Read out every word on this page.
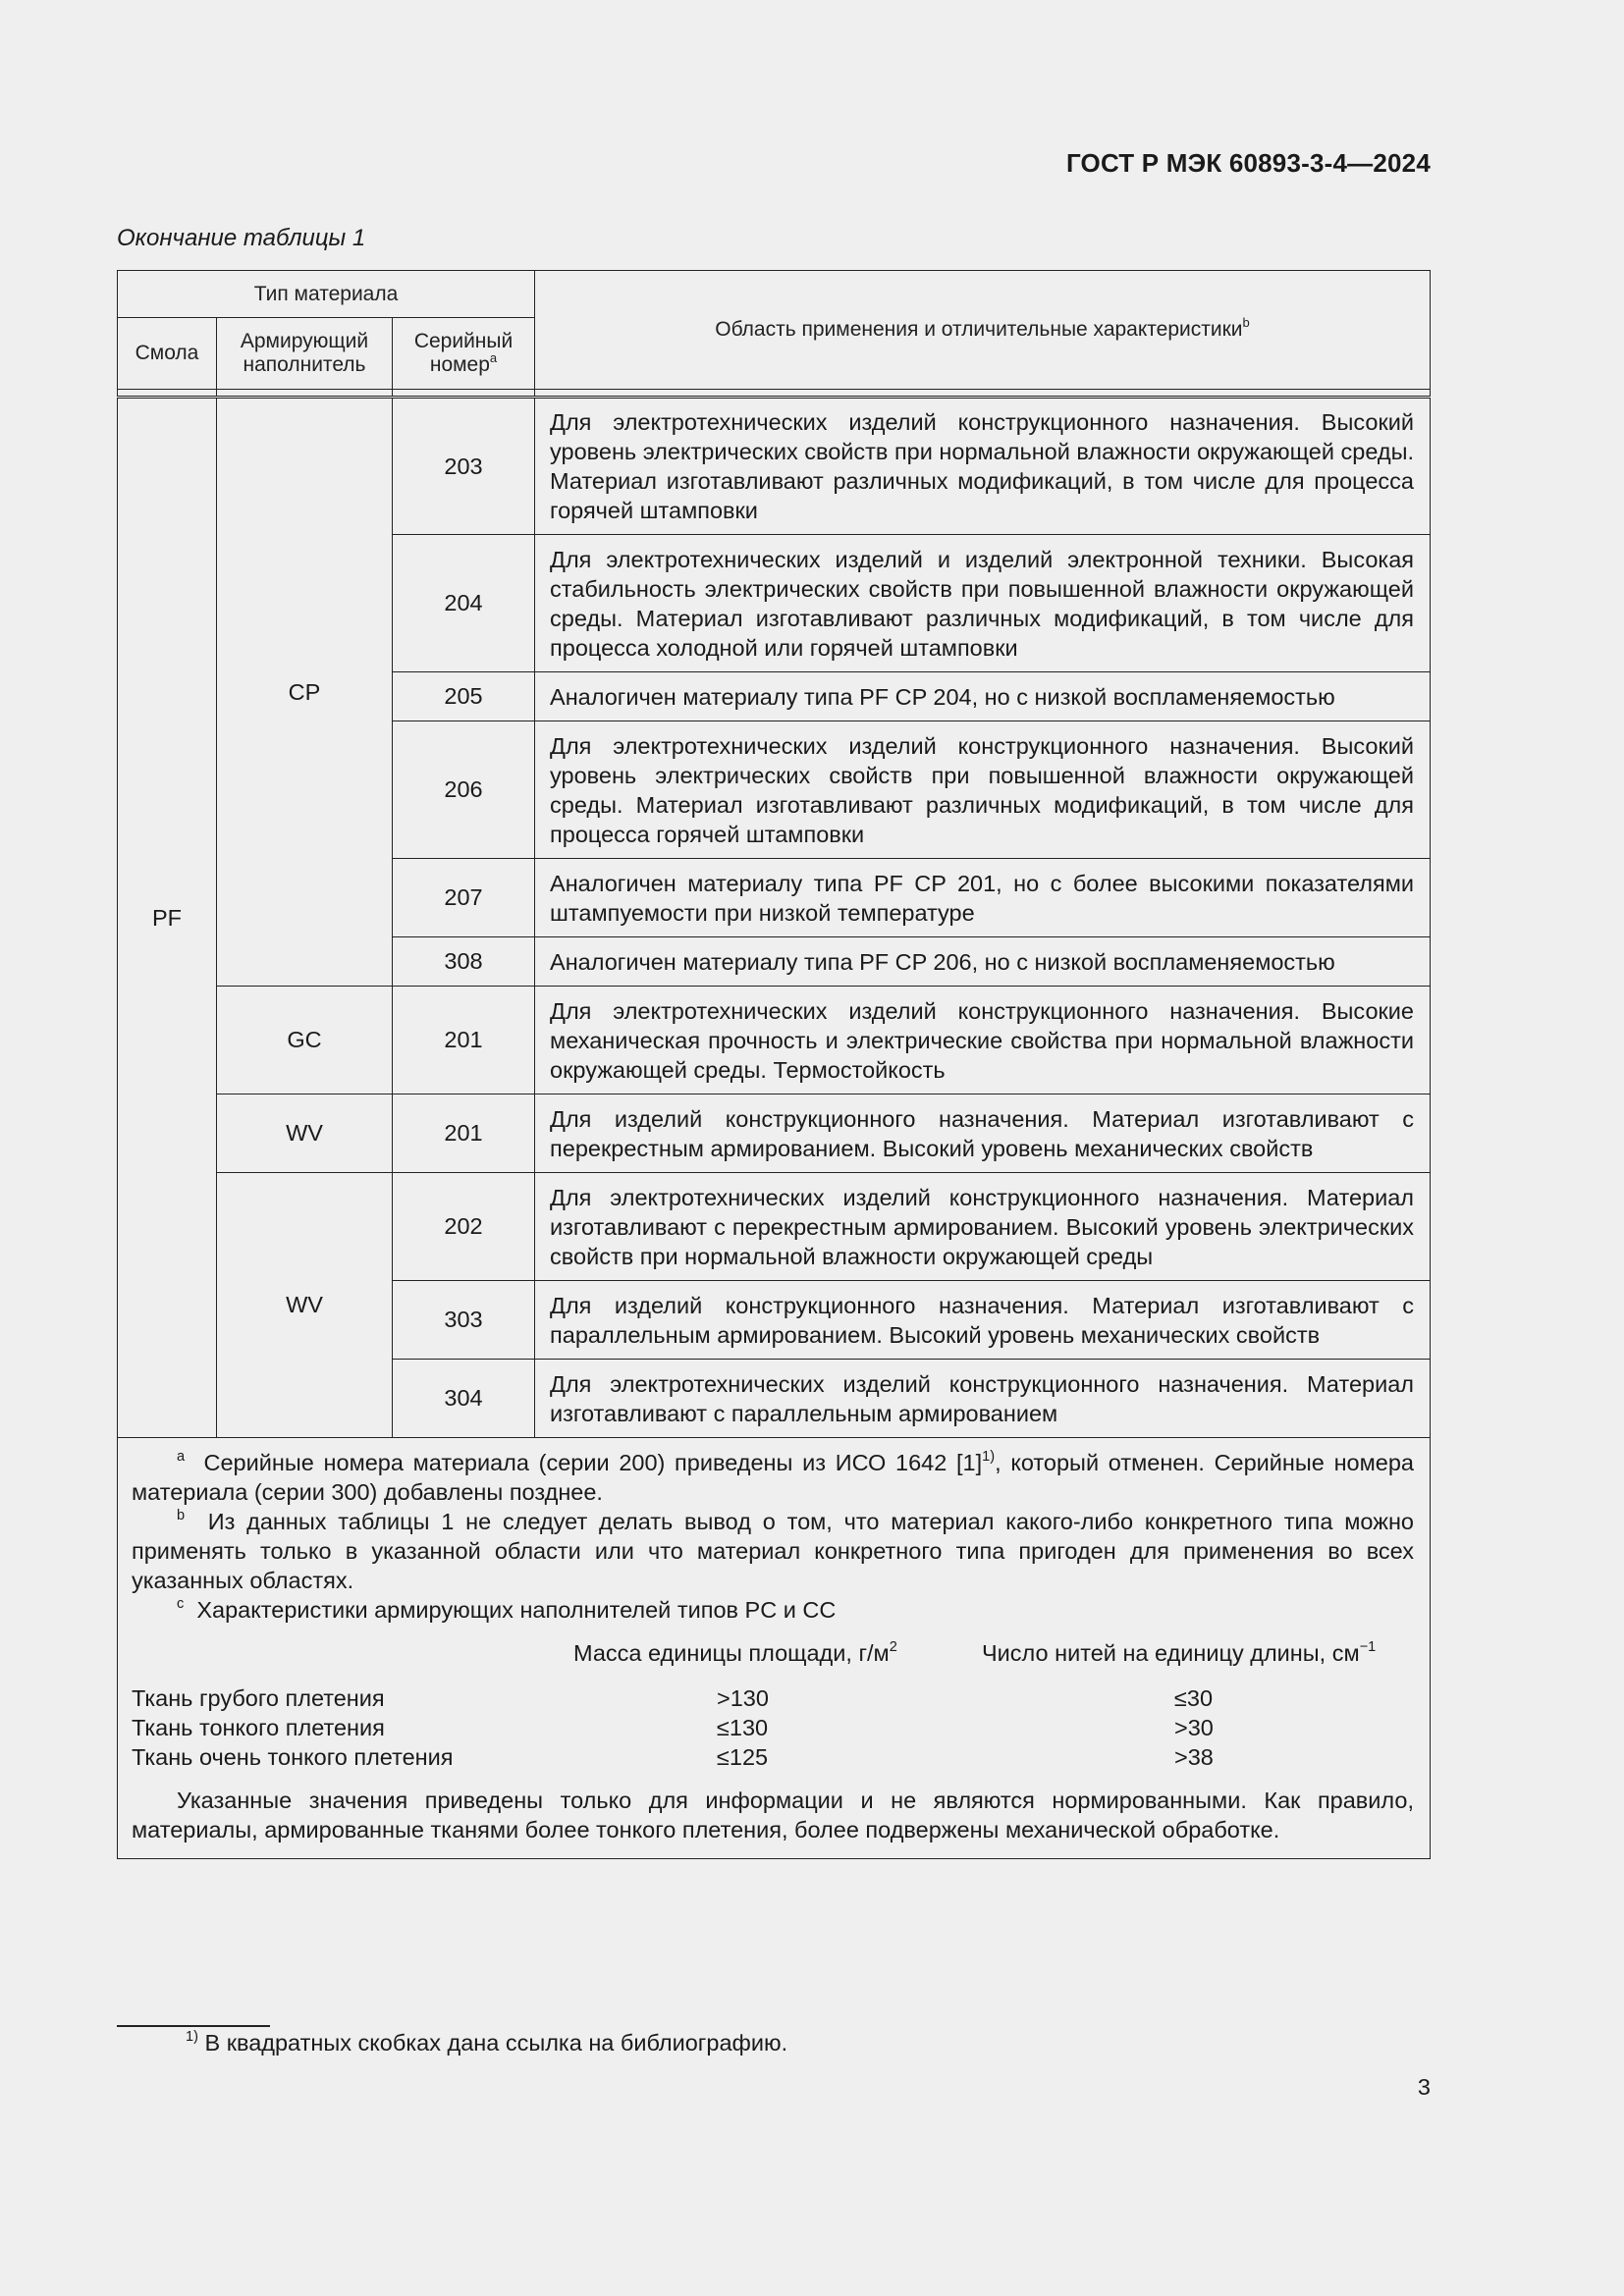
ГОСТ Р МЭК 60893-3-4—2024
Окончание таблицы 1
Тип материала	Область применения и отличительные характеристики$^b$
Смола	Армирующий наполнитель	Серийный номер$^a$

PF	CP	203	Для электротехнических изделий конструкционного назначения. Высокий уровень электрических свойств при нормальной влажности окружающей среды. Материал изготавливают различных модификаций, в том числе для процесса горячей штамповки
204	Для электротехнических изделий и изделий электронной техники. Высокая стабильность электрических свойств при повышенной влажности окружающей среды. Материал изготавливают различных модификаций, в том числе для процесса холодной или горячей штамповки
205	Аналогичен материалу типа PF CP 204, но с низкой воспламеняемостью
206	Для электротехнических изделий конструкционного назначения. Высокий уровень электрических свойств при повышенной влажности окружающей среды. Материал изготавливают различных модификаций, в том числе для процесса горячей штамповки
207	Аналогичен материалу типа PF CP 201, но с более высокими показателями штампуемости при низкой температуре
308	Аналогичен материалу типа PF CP 206, но с низкой воспламеняемостью
GC	201	Для электротехнических изделий конструкционного назначения. Высокие механическая прочность и электрические свойства при нормальной влажности окружающей среды. Термостойкость
WV	201	Для изделий конструкционного назначения. Материал изготавливают с перекрестным армированием. Высокий уровень механических свойств
WV	202	Для электротехнических изделий конструкционного назначения. Материал изготавливают с перекрестным армированием. Высокий уровень электрических свойств при нормальной влажности окружающей среды
303	Для изделий конструкционного назначения. Материал изготавливают с параллельным армированием. Высокий уровень механических свойств
304	Для электротехнических изделий конструкционного назначения. Материал изготавливают с параллельным армированием

$^a$ Серийные номера материала (серии 200) приведены из ИСО 1642 $[1]^{1)}$, который отменен. Серийные номера материала (серии 300) добавлены позднее.

$^b$ Из данных таблицы 1 не следует делать вывод о том, что материал какого-либо конкретного типа можно применять только в указанной области или что материал конкретного типа пригоден для применения во всех указанных областях.

$^c$ Характеристики армирующих наполнителей типов PC и CC

	Масса единицы площади, $г/м^2$	Число нитей на единицу длины, $см^{-1}$

Ткань грубого плетения	>130	≤30
Ткань тонкого плетения	≤130	>30
Ткань очень тонкого плетения	≤125	>38

Указанные значения приведены только для информации и не являются нормированными. Как правило, материалы, армированные тканями более тонкого плетения, более подвержены механической обработке.

$^{1)}$ В квадратных скобках дана ссылка на библиографию.
3
